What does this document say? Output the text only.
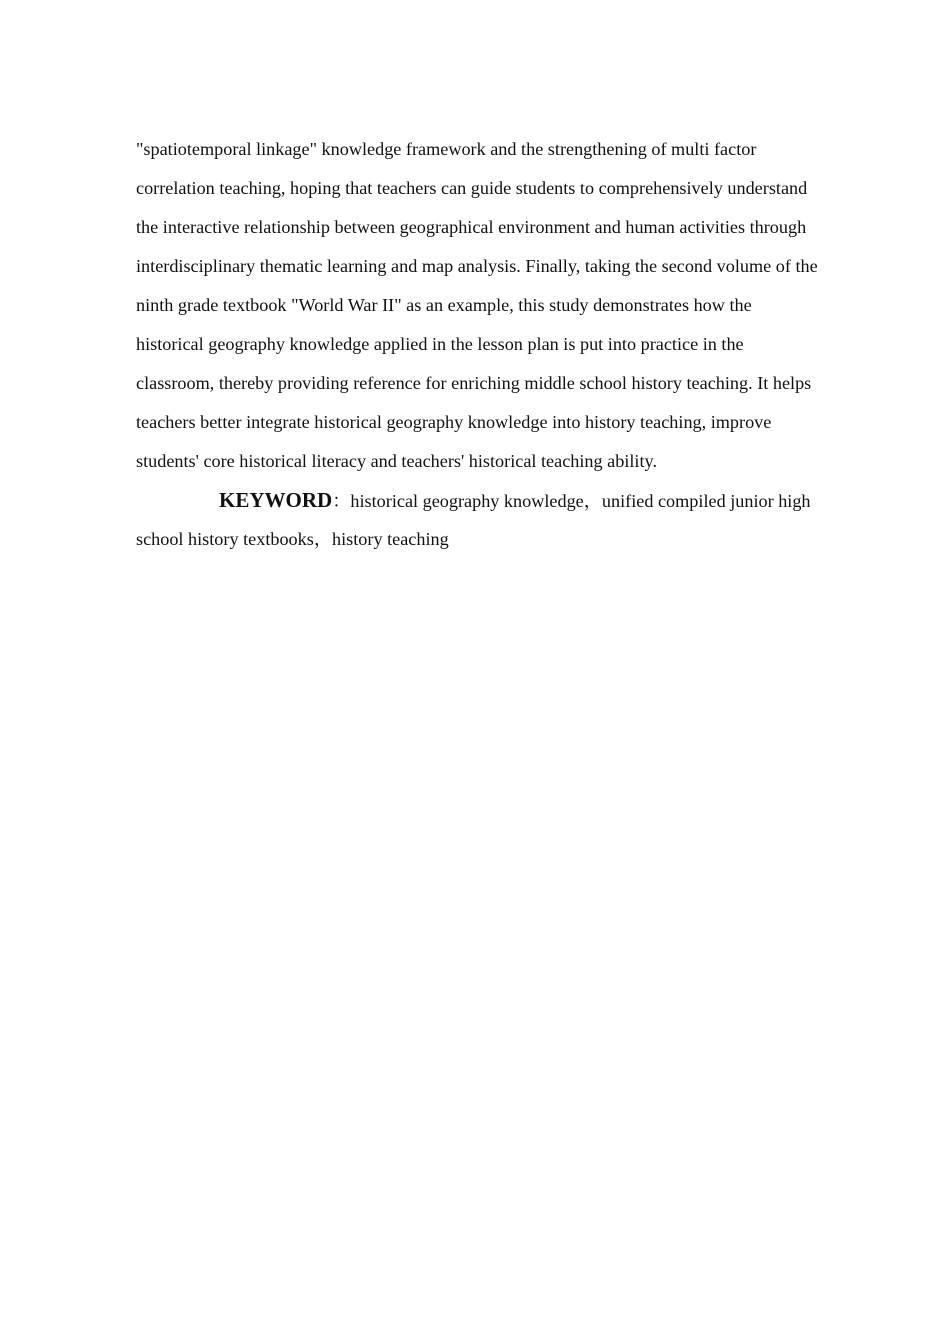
"spatiotemporal linkage" knowledge framework and the strengthening of multi factor
correlation teaching, hoping that teachers can guide students to comprehensively understand
the interactive relationship between geographical environment and human activities through
interdisciplinary thematic learning and map analysis. Finally, taking the second volume of the
ninth grade textbook "World War II" as an example, this study demonstrates how the
historical geography knowledge applied in the lesson plan is put into practice in the
classroom, thereby providing reference for enriching middle school history teaching. It helps
teachers better integrate historical geography knowledge into history teaching, improve
students' core historical literacy and teachers' historical teaching ability.
KEYWORD：historical geography knowledge，unified compiled junior high
school history textbooks，history teaching
